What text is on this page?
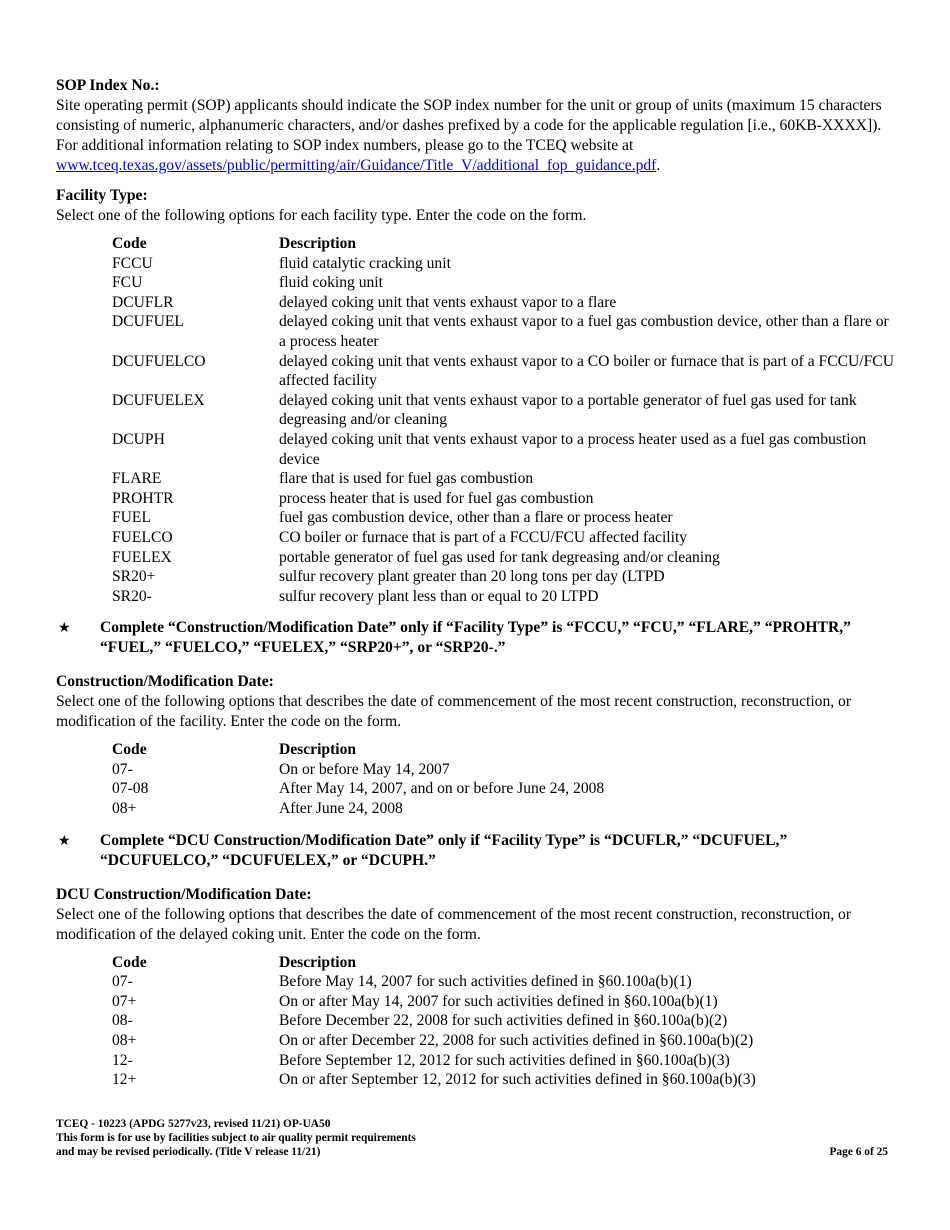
SOP Index No.:

Site operating permit (SOP) applicants should indicate the SOP index number for the unit or group of units (maximum 15 characters consisting of numeric, alphanumeric characters, and/or dashes prefixed by a code for the applicable regulation [i.e., 60KB-XXXX]). For additional information relating to SOP index numbers, please go to the TCEQ website at www.tceq.texas.gov/assets/public/permitting/air/Guidance/Title_V/additional_fop_guidance.pdf.

Facility Type:

Select one of the following options for each facility type. Enter the code on the form.

Code	Description
FCCU	fluid catalytic cracking unit
FCU	fluid coking unit
DCUFLR	delayed coking unit that vents exhaust vapor to a flare
DCUFUEL	delayed coking unit that vents exhaust vapor to a fuel gas combustion device, other than a flare or a process heater
DCUFUELCO	delayed coking unit that vents exhaust vapor to a CO boiler or furnace that is part of a FCCU/FCU affected facility
DCUFUELEX	delayed coking unit that vents exhaust vapor to a portable generator of fuel gas used for tank degreasing and/or cleaning
DCUPH	delayed coking unit that vents exhaust vapor to a process heater used as a fuel gas combustion device
FLARE	flare that is used for fuel gas combustion
PROHTR	process heater that is used for fuel gas combustion
FUEL	fuel gas combustion device, other than a flare or process heater
FUELCO	CO boiler or furnace that is part of a FCCU/FCU affected facility
FUELEX	portable generator of fuel gas used for tank degreasing and/or cleaning
SR20+	sulfur recovery plant greater than 20 long tons per day (LTPD
SR20-	sulfur recovery plant less than or equal to 20 LTPD
★	Complete “Construction/Modification Date” only if “Facility Type” is “FCCU,” “FCU,” “FLARE,” “PROHTR,” “FUEL,” “FUELCO,” “FUELEX,” “SRP20+”, or “SRP20-.”
Construction/Modification Date:

Select one of the following options that describes the date of commencement of the most recent construction, reconstruction, or modification of the facility. Enter the code on the form.

Code	Description
07-	On or before May 14, 2007
07-08	After May 14, 2007, and on or before June 24, 2008
08+	After June 24, 2008
★	Complete “DCU Construction/Modification Date” only if “Facility Type” is “DCUFLR,” “DCUFUEL,” “DCUFUELCO,” “DCUFUELEX,” or “DCUPH.”
DCU Construction/Modification Date:

Select one of the following options that describes the date of commencement of the most recent construction, reconstruction, or modification of the delayed coking unit. Enter the code on the form.

Code	Description
07-	Before May 14, 2007 for such activities defined in §60.100a(b)(1)
07+	On or after May 14, 2007 for such activities defined in §60.100a(b)(1)
08-	Before December 22, 2008 for such activities defined in §60.100a(b)(2)
08+	On or after December 22, 2008 for such activities defined in §60.100a(b)(2)
12-	Before September 12, 2012 for such activities defined in §60.100a(b)(3)
12+	On or after September 12, 2012 for such activities defined in §60.100a(b)(3)
TCEQ - 10223 (APDG 5277v23, revised 11/21) OP-UA50
This form is for use by facilities subject to air quality permit requirements
and may be revised periodically. (Title V release 11/21)	Page 6 of 25
